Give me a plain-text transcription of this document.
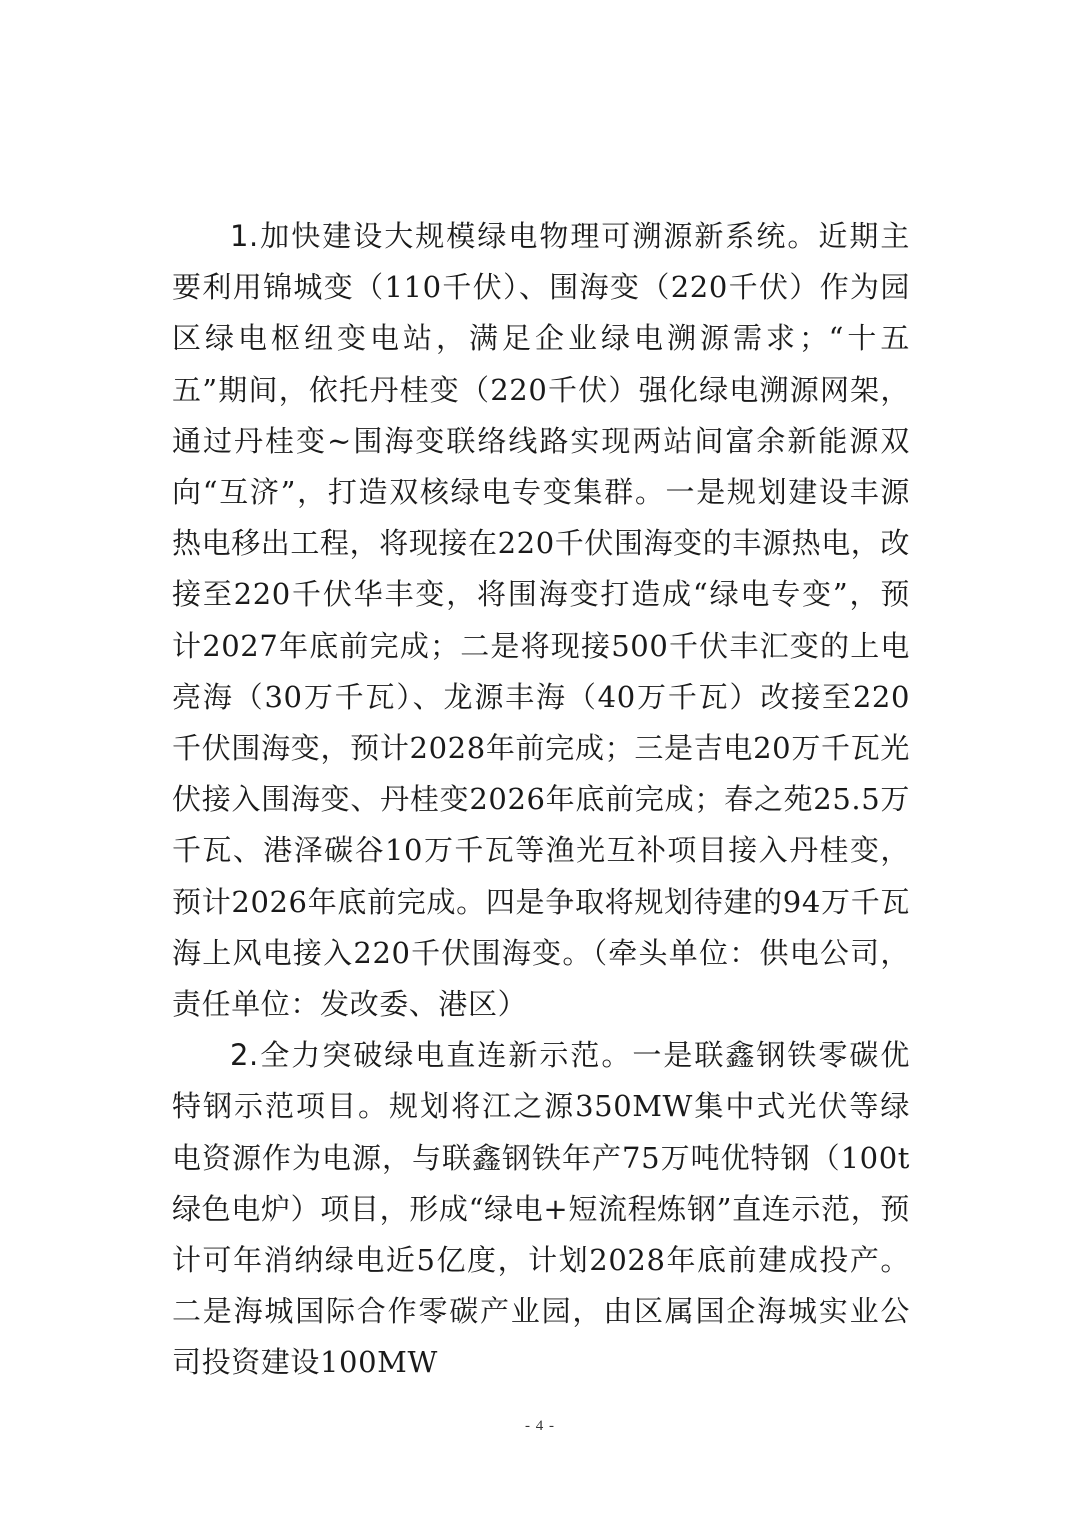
1.加快建设大规模绿电物理可溯源新系统。近期主要利用锦城变（110千伏）、围海变（220千伏）作为园区绿电枢纽变电站，满足企业绿电溯源需求；“十五五”期间，依托丹桂变（220千伏）强化绿电溯源网架，通过丹桂变~围海变联络线路实现两站间富余新能源双向“互济”，打造双核绿电专变集群。一是规划建设丰源热电移出工程，将现接在220千伏围海变的丰源热电，改接至220千伏华丰变，将围海变打造成“绿电专变”，预计2027年底前完成；二是将现接500千伏丰汇变的上电亮海（30万千瓦）、龙源丰海（40万千瓦）改接至220千伏围海变，预计2028年前完成；三是吉电20万千瓦光伏接入围海变、丹桂变2026年底前完成；春之苑25.5万千瓦、港泽碳谷10万千瓦等渔光互补项目接入丹桂变，预计2026年底前完成。四是争取将规划待建的94万千瓦海上风电接入220千伏围海变。（牵头单位：供电公司，责任单位：发改委、港区）

2.全力突破绿电直连新示范。一是联鑫钢铁零碳优特钢示范项目。规划将江之源350MW集中式光伏等绿电资源作为电源，与联鑫钢铁年产75万吨优特钢（100t绿色电炉）项目，形成“绿电+短流程炼钢”直连示范，预计可年消纳绿电近5亿度，计划2028年底前建成投产。二是海城国际合作零碳产业园，由区属国企海城实业公司投资建设100MW

- 4 -
